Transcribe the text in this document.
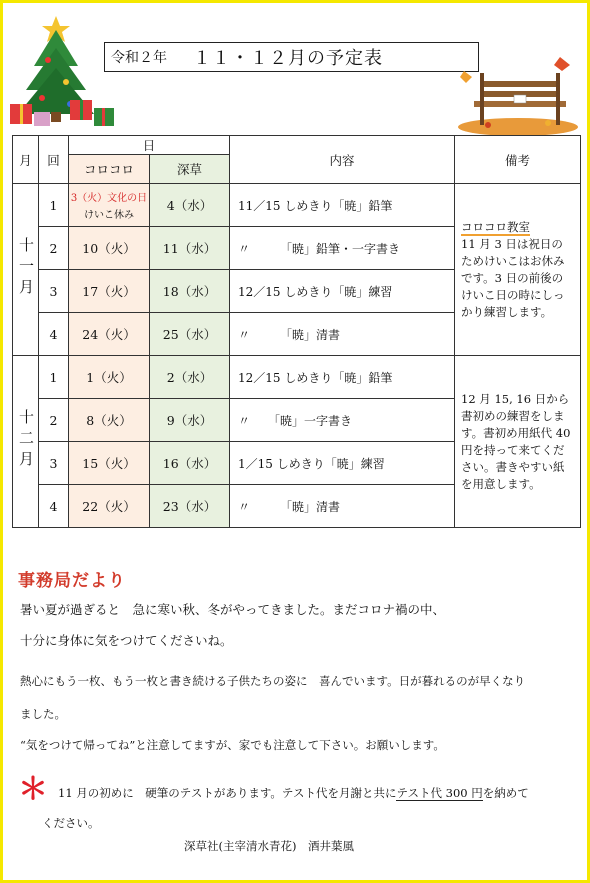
令和２年 １１・１２月の予定表
月	回	日		内容	備考
		コロコロ	深草		
十一月	1	3（火）文化の日
けいこ休み	4（水）	11／15 しめきり「暁」鉛筆	コロコロ教室
11 月 3 日は祝日のためけいこはお休みです。3 日の前後のけいこ日の時にしっかり練習します。
	2	10（火）	11（水）	〃　　　「暁」鉛筆・一字書き	
	3	17（火）	18（水）	12／15 しめきり「暁」練習	
	4	24（火）	25（水）	〃　　　「暁」清書	
十二月	1	1（火）	2（水）	12／15 しめきり「暁」鉛筆	12 月 15, 16 日から書初めの練習をします。書初め用紙代 40 円を持って来てください。書きやすい紙を用意します。
	2	8（火）	9（水）	〃　　「暁」一字書き	
	3	15（火）	16（水）	1／15 しめきり「暁」練習	
	4	22（火）	23（水）	〃　　　「暁」清書	
事務局だより
暑い夏が過ぎると　急に寒い秋、冬がやってきました。まだコロナ禍の中、
十分に身体に気をつけてくださいね。
熱心にもう一枚、もう一枚と書き続ける子供たちの姿に　喜んでいます。日が暮れるのが早くなり
ました。
“気をつけて帰ってね”と注意してますが、家でも注意して下さい。お願いします。
＊ 11 月の初めに　硬筆のテストがあります。テスト代を月謝と共にテスト代 300 円を納めて
ください。
深草社(主宰清水青花)　酒井葉風
